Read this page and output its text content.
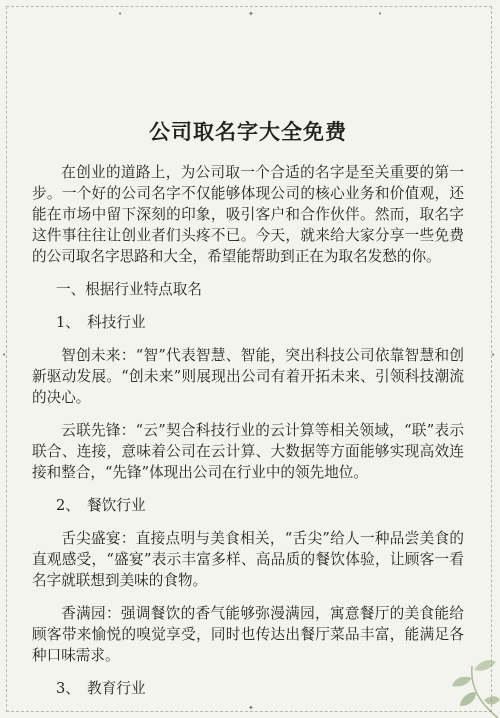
•	✦	•
•	•
✦
公司取名字大全免费

在创业的道路上，为公司取一个合适的名字是至关重要的第一步。一个好的公司名字不仅能够体现公司的核心业务和价值观，还能在市场中留下深刻的印象，吸引客户和合作伙伴。然而，取名字这件事往往让创业者们头疼不已。今天，就来给大家分享一些免费的公司取名字思路和大全，希望能帮助到正在为取名发愁的你。

一、根据行业特点取名

1、　科技行业

智创未来：“智”代表智慧、智能，突出科技公司依靠智慧和创新驱动发展。“创未来”则展现出公司有着开拓未来、引领科技潮流的决心。

云联先锋：“云”契合科技行业的云计算等相关领域，“联”表示联合、连接，意味着公司在云计算、大数据等方面能够实现高效连接和整合，“先锋”体现出公司在行业中的领先地位。

2、　餐饮行业

舌尖盛宴：直接点明与美食相关，“舌尖”给人一种品尝美食的直观感受，“盛宴”表示丰富多样、高品质的餐饮体验，让顾客一看名字就联想到美味的食物。

香满园：强调餐饮的香气能够弥漫满园，寓意餐厅的美食能给顾客带来愉悦的嗅觉享受，同时也传达出餐厅菜品丰富，能满足各种口味需求。

3、　教育行业
